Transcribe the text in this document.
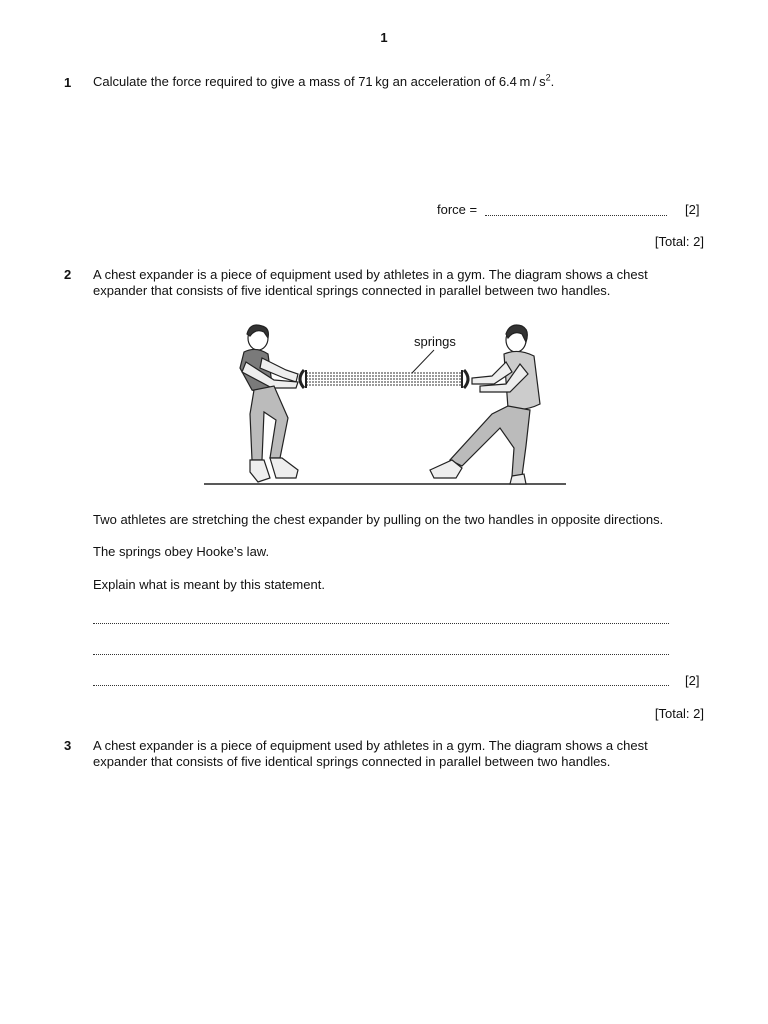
1
1 Calculate the force required to give a mass of 71 kg an acceleration of 6.4 m / $s^2$.
force =	[2]
[Total: 2]
2 A chest expander is a piece of equipment used by athletes in a gym. The diagram shows a chest
expander that consists of five identical springs connected in parallel between two handles.
springs
Two athletes are stretching the chest expander by pulling on the two handles in opposite directions.
The springs obey Hooke’s law.
Explain what is meant by this statement.
[2]
[Total: 2]
3 A chest expander is a piece of equipment used by athletes in a gym. The diagram shows a chest
expander that consists of five identical springs connected in parallel between two handles.
